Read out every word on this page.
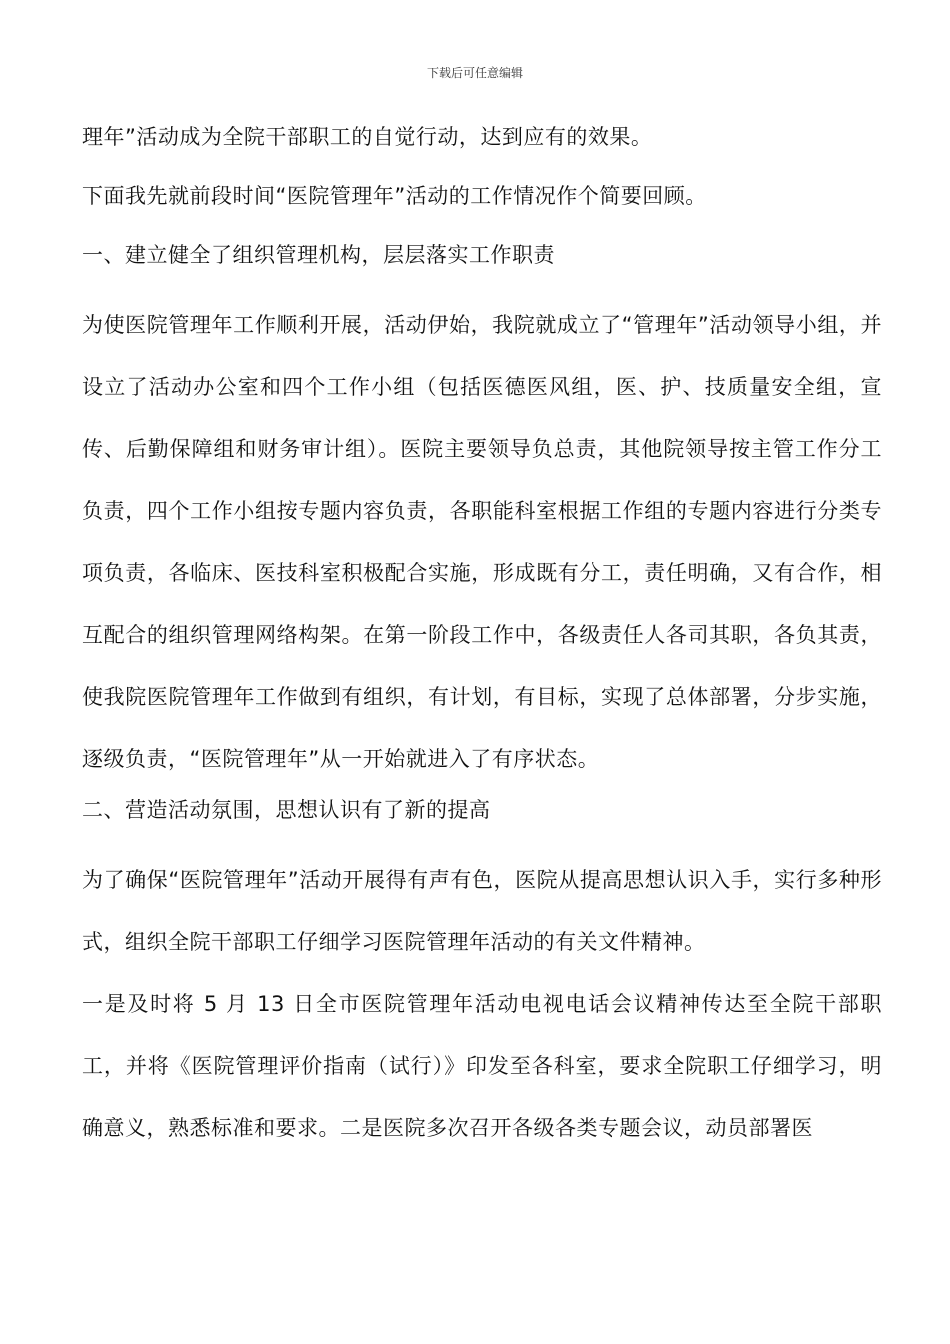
下载后可任意编辑

理年”活动成为全院干部职工的自觉行动，达到应有的效果。

下面我先就前段时间“医院管理年”活动的工作情况作个简要回顾。

一、建立健全了组织管理机构，层层落实工作职责

为使医院管理年工作顺利开展，活动伊始，我院就成立了“管理年”活动领导小组，并设立了活动办公室和四个工作小组（包括医德医风组，医、护、技质量安全组，宣传、后勤保障组和财务审计组）。医院主要领导负总责，其他院领导按主管工作分工负责，四个工作小组按专题内容负责，各职能科室根据工作组的专题内容进行分类专项负责，各临床、医技科室积极配合实施，形成既有分工，责任明确，又有合作，相互配合的组织管理网络构架。在第一阶段工作中，各级责任人各司其职，各负其责，使我院医院管理年工作做到有组织，有计划，有目标，实现了总体部署，分步实施，逐级负责，“医院管理年”从一开始就进入了有序状态。

二、营造活动氛围，思想认识有了新的提高

为了确保“医院管理年”活动开展得有声有色，医院从提高思想认识入手，实行多种形式，组织全院干部职工仔细学习医院管理年活动的有关文件精神。

一是及时将 5 月 13 日全市医院管理年活动电视电话会议精神传达至全院干部职工，并将《医院管理评价指南（试行）》印发至各科室，要求全院职工仔细学习，明确意义，熟悉标准和要求。二是医院多次召开各级各类专题会议，动员部署医
